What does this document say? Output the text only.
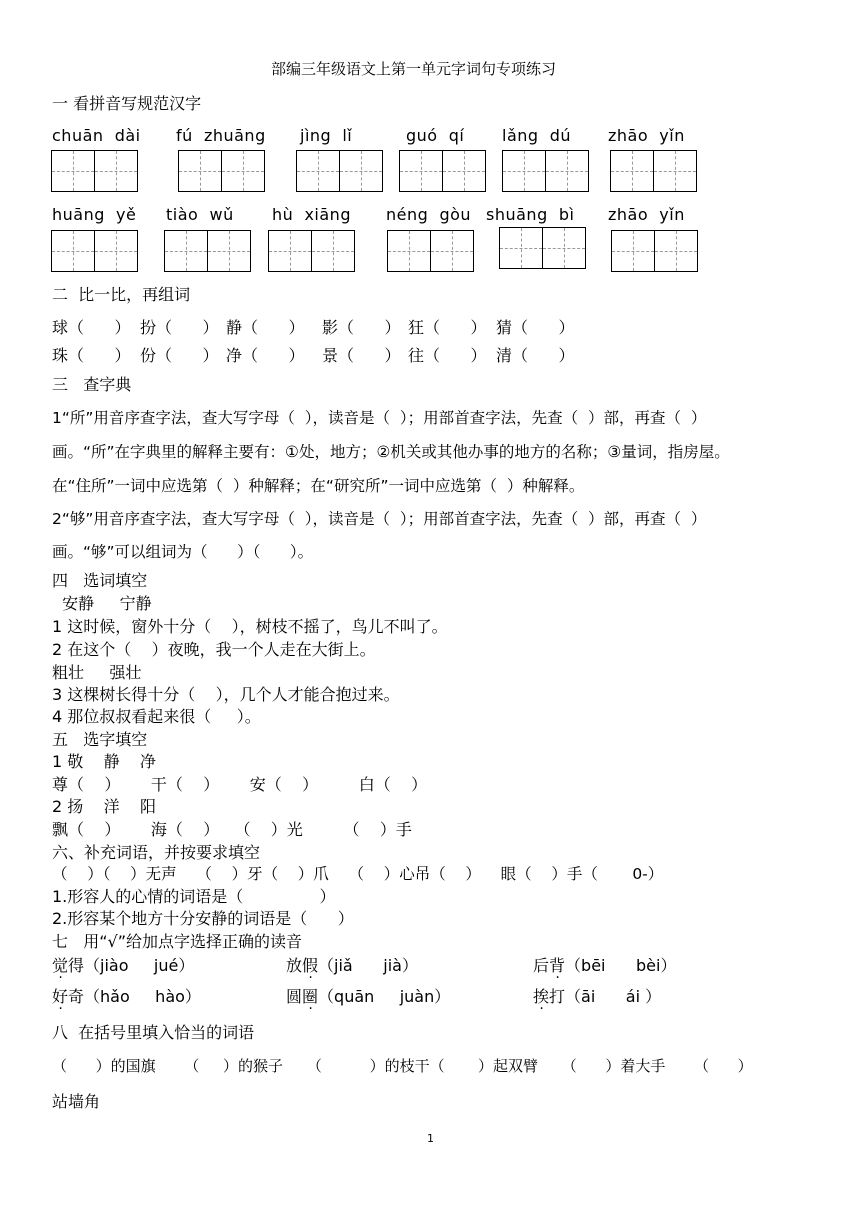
部编三年级语文上第一单元字词句专项练习
一 看拼音写规范汉字
chuān  dài fú  zhuāng jìng  lǐ	guó  qí lǎng  dú zhāo  yǐn
huāng  yě tiào  wǔ hù  xiāng néng  gòu shuāng  bì zhāo  yǐn
二  比一比，再组词
球（      ） 扮（      ） 静（      ） 影（      ） 狂（      ） 猜（      ）
珠（      ） 份（      ） 净（      ） 景（      ） 往（      ） 清（      ）
三   查字典
1“所”用音序查字法，查大写字母（  ），读音是（  ）；用部首查字法，先查（  ）部，再查（  ）
画。“所”在字典里的解释主要有：①处，地方；②机关或其他办事的地方的名称；③量词，指房屋。
在“住所”一词中应选第（  ）种解释；在“研究所”一词中应选第（  ）种解释。
2“够”用音序查字法，查大写字母（  ），读音是（  ）；用部首查字法，先查（  ）部，再查（  ）
画。“够”可以组词为（      ）（      ）。
四   选词填空
安静     宁静
1 这时候，窗外十分（    ），树枝不摇了，鸟儿不叫了。
2 在这个（    ）夜晚，我一个人走在大街上。
粗壮     强壮
3 这棵树长得十分（    ），几个人才能合抱过来。
4 那位叔叔看起来很（     ）。
五   选字填空
1 敬    静    净
尊（    ）      干（    ）      安（    ）        白（    ）
2 扬    洋    阳
飘（    ）      海（    ）   （    ）光        （    ）手
六、补充词语，并按要求填空
（    ）（    ）无声    （    ）牙（    ）爪    （    ）心吊（    ）    眼（    ）手（       0-）
1.形容人的心情的词语是（               ）
2.形容某个地方十分安静的词语是（      ）
七   用“√”给加点字选择正确的读音
觉 · 得（jiào     jué）	放 假 · （jiǎ      jià）	后 背 · （bēi      bèi）
好 · 奇（hǎo     hào）	圆 圈 · （quān     juàn）	挨 · 打（āi      ái ）
八  在括号里填入恰当的词语
（      ）的国旗      （     ）的猴子     （          ）的枝干（       ）起双臂     （      ）着大手      （      ）
站墙角
1
